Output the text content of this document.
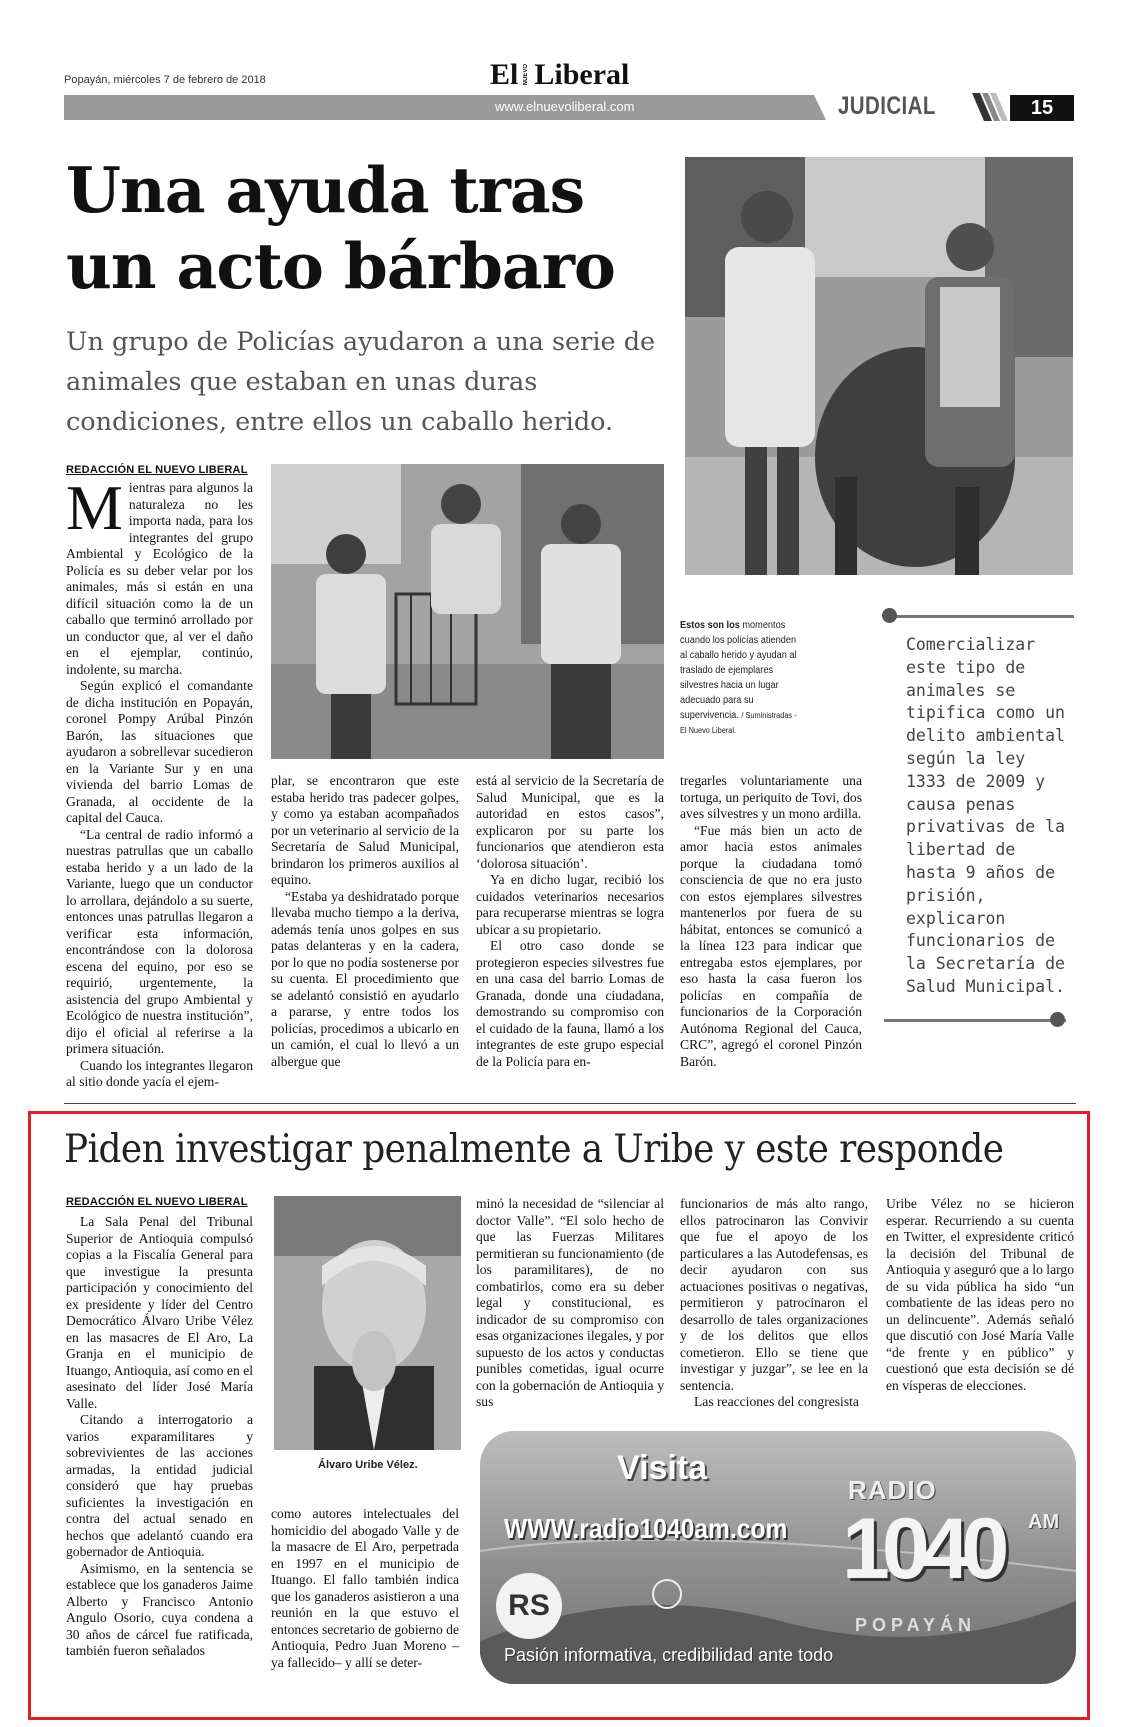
Popayán, miércoles 7 de febrero de 2018	El NUEVO Liberal
www.elnuevoliberal.com	JUDICIAL	15
Una ayuda tras
un acto bárbaro
Un grupo de Policías ayudaron a una serie de animales que estaban en unas duras condiciones, entre ellos un caballo herido.
REDACCIÓN EL NUEVO LIBERAL

Mientras para algunos la naturaleza no les importa nada, para los integrantes del grupo Ambiental y Ecológico de la Policía es su deber velar por los animales, más si están en una difícil situación como la de un caballo que terminó arrollado por un conductor que, al ver el daño en el ejemplar, continúo, indolente, su marcha.

Según explicó el comandante de dicha institución en Popayán, coronel Pompy Arúbal Pinzón Barón, las situaciones que ayudaron a sobrellevar sucedieron en la Variante Sur y en una vivienda del barrio Lomas de Granada, al occidente de la capital del Cauca.

“La central de radio informó a nuestras patrullas que un caballo estaba herido y a un lado de la Variante, luego que un conductor lo arrollara, dejándolo a su suerte, entonces unas patrullas llegaron a verificar esta información, encontrándose con la dolorosa escena del equino, por eso se requirió, urgentemente, la asistencia del grupo Ambiental y Ecológico de nuestra institución”, dijo el oficial al referirse a la primera situación.

Cuando los integrantes llegaron al sitio donde yacía el ejem-

Estos son los momentos cuando los policías atienden al caballo herido y ayudan al traslado de ejemplares silvestres hacia un lugar adecuado para su supervivencia. / Suministradas - El Nuevo Liberal.
Comercializar este tipo de animales se tipifica como un delito ambiental según la ley 1333 de 2009 y causa penas privativas de la libertad de hasta 9 años de prisión, explicaron funcionarios de la Secretaría de Salud Municipal.

plar, se encontraron que este estaba herido tras padecer golpes, y como ya estaban acompañados por un veterinario al servicio de la Secretaría de Salud Municipal, brindaron los primeros auxilios al equino.

“Estaba ya deshidratado porque llevaba mucho tiempo a la deriva, además tenía unos golpes en sus patas delanteras y en la cadera, por lo que no podía sostenerse por su cuenta. El procedimiento que se adelantó consistió en ayudarlo a pararse, y entre todos los policías, procedimos a ubicarlo en un camión, el cual lo llevó a un albergue que

está al servicio de la Secretaría de Salud Municipal, que es la autoridad en estos casos”, explicaron por su parte los funcionarios que atendieron esta ‘dolorosa situación’.

Ya en dicho lugar, recibió los cuidados veterinarios necesarios para recuperarse mientras se logra ubicar a su propietario.

El otro caso donde se protegieron especies silvestres fue en una casa del barrio Lomas de Granada, donde una ciudadana, demostrando su compromiso con el cuidado de la fauna, llamó a los integrantes de este grupo especial de la Policía para en-

tregarles voluntariamente una tortuga, un periquito de Tovi, dos aves silvestres y un mono ardilla.

“Fue más bien un acto de amor hacia estos animales porque la ciudadana tomó consciencia de que no era justo con estos ejemplares silvestres mantenerlos por fuera de su hábitat, entonces se comunicó a la línea 123 para indicar que entregaba estos ejemplares, por eso hasta la casa fueron los policías en compañía de funcionarios de la Corporación Autónoma Regional del Cauca, CRC”, agregó el coronel Pinzón Barón.

Piden investigar penalmente a Uribe y este responde
REDACCIÓN EL NUEVO LIBERAL

La Sala Penal del Tribunal Superior de Antioquia compulsó copias a la Fiscalía General para que investigue la presunta participación y conocimiento del ex presidente y líder del Centro Democrático Álvaro Uribe Vélez en las masacres de El Aro, La Granja en el municipio de Ituango, Antioquia, así como en el asesinato del líder José María Valle.

Citando a interrogatorio a varios exparamilitares y sobrevivientes de las acciones armadas, la entidad judicial consideró que hay pruebas suficientes la investigación en contra del actual senado en hechos que adelantó cuando era gobernador de Antioquia.

Asimismo, en la sentencia se establece que los ganaderos Jaime Alberto y Francisco Antonio Angulo Osorio, cuya condena a 30 años de cárcel fue ratificada, también fueron señalados

Álvaro Uribe Vélez.

como autores intelectuales del homicidio del abogado Valle y de la masacre de El Aro, perpetrada en 1997 en el municipio de Ituango. El fallo también indica que los ganaderos asistieron a una reunión en la que estuvo el entonces secretario de gobierno de Antioquia, Pedro Juan Moreno –ya fallecido– y allí se deter-

minó la necesidad de “silenciar al doctor Valle”. “El solo hecho de que las Fuerzas Militares permitieran su funcionamiento (de los paramilitares), de no combatirlos, como era su deber legal y constitucional, es indicador de su compromiso con esas organizaciones ilegales, y por supuesto de los actos y conductas punibles cometidas, igual ocurre con la gobernación de Antioquia y sus

funcionarios de más alto rango, ellos patrocinaron las Convivir que fue el apoyo de los particulares a las Autodefensas, es decir ayudaron con sus actuaciones positivas o negativas, permitieron y patrocinaron el desarrollo de tales organizaciones y de los delitos que ellos cometieron. Ello se tiene que investigar y juzgar”, se lee en la sentencia.

Las reacciones del congresista

Uribe Vélez no se hicieron esperar. Recurriendo a su cuenta en Twitter, el expresidente criticó la decisión del Tribunal de Antioquia y aseguró que a lo largo de su vida pública ha sido “un combatiente de las ideas pero no un delincuente”. Además señaló que discutió con José María Valle “de frente y en público” y cuestionó que esta decisión se dé en vísperas de elecciones.

Visita
WWW.radio1040am.com
RADIO
1040 AM
POPAYÁN
RS
Pasión informativa, credibilidad ante todo
